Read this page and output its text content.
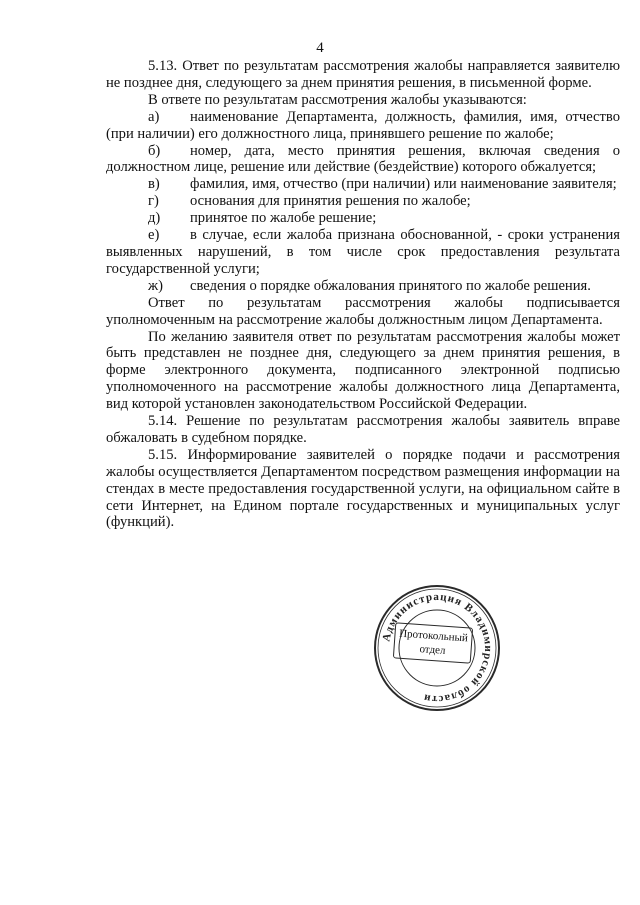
4

5.13. Ответ по результатам рассмотрения жалобы направляется заявителю не позднее дня, следующего за днем принятия решения, в письменной форме.

В ответе по результатам рассмотрения жалобы указываются:

а) наименование Департамента, должность, фамилия, имя, отчество (при наличии) его должностного лица, принявшего решение по жалобе;

б) номер, дата, место принятия решения, включая сведения о должностном лице, решение или действие (бездействие) которого обжалуется;

в) фамилия, имя, отчество (при наличии) или наименование заявителя;

г) основания для принятия решения по жалобе;

д) принятое по жалобе решение;

е) в случае, если жалоба признана обоснованной, - сроки устранения выявленных нарушений, в том числе срок предоставления результата государственной услуги;

ж) сведения о порядке обжалования принятого по жалобе решения.

Ответ по результатам рассмотрения жалобы подписывается уполномоченным на рассмотрение жалобы должностным лицом Департамента.

По желанию заявителя ответ по результатам рассмотрения жалобы может быть представлен не позднее дня, следующего за днем принятия решения, в форме электронного документа, подписанного электронной подписью уполномоченного на рассмотрение жалобы должностного лица Департамента, вид которой установлен законодательством Российской Федерации.

5.14. Решение по результатам рассмотрения жалобы заявитель вправе обжаловать в судебном порядке.

5.15. Информирование заявителей о порядке подачи и рассмотрения жалобы осуществляется Департаментом посредством размещения информации на стендах в месте предоставления государственной услуги, на официальном сайте в сети Интернет, на Едином портале государственных и муниципальных услуг (функций).

Администрация Владимирской области
Протокольный
отдел
